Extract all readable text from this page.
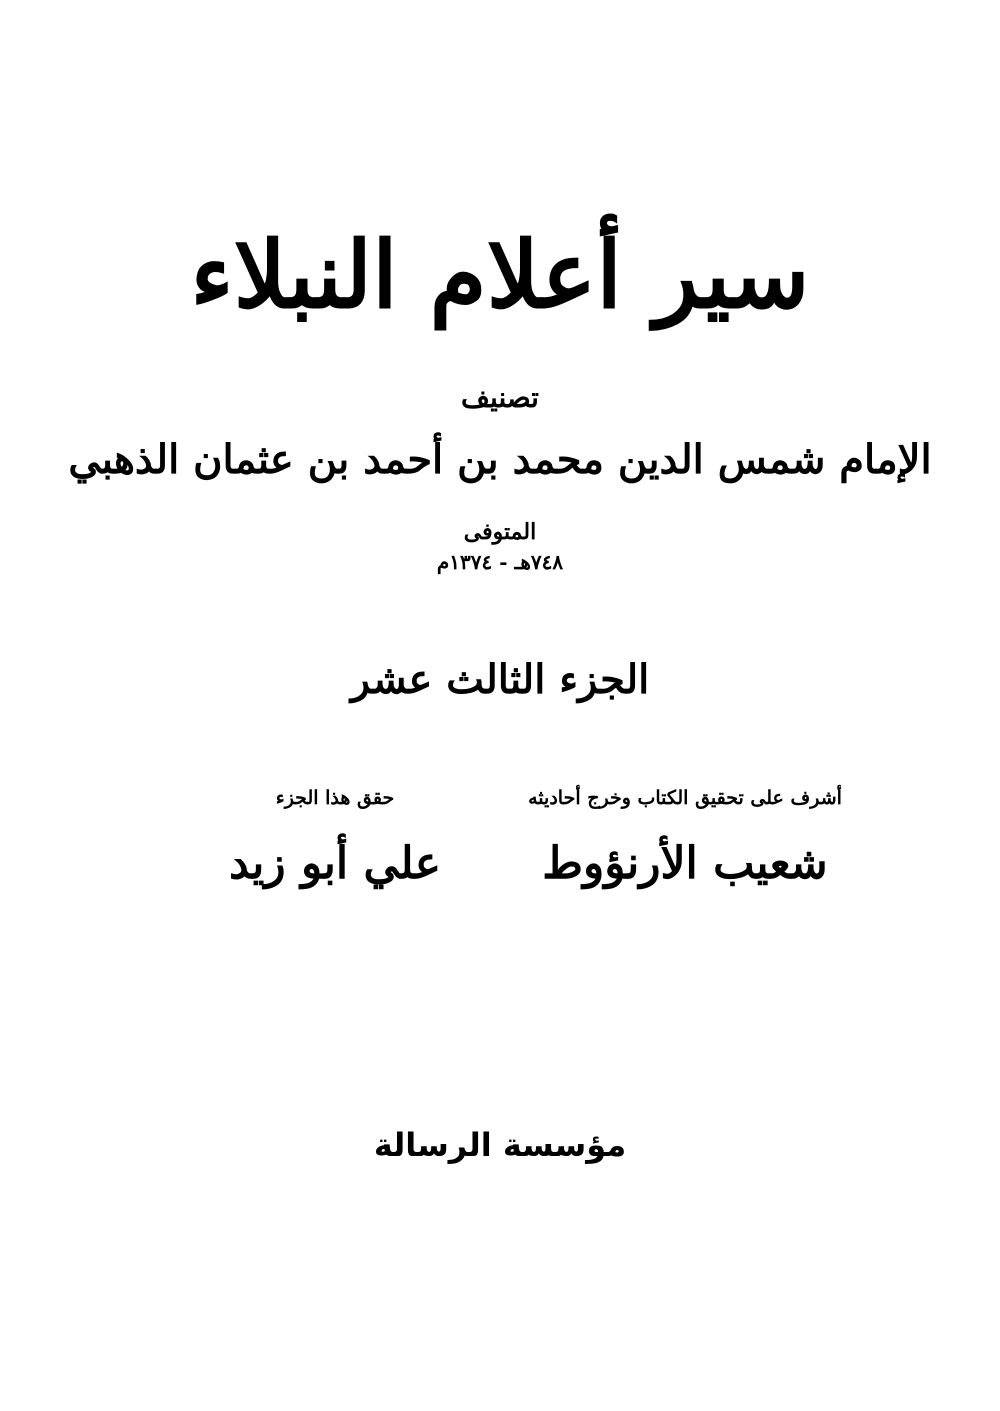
سير أعلام النبلاء
تصنيف
الإمام شمس الدين محمد بن أحمد بن عثمان الذهبي
المتوفى
٧٤٨هـ - ١٣٧٤م
الجزء الثالث عشر
أشرف على تحقيق الكتاب وخرج أحاديثه
شعيب الأرنؤوط
حقق هذا الجزء
علي أبو زيد
مؤسسة الرسالة
